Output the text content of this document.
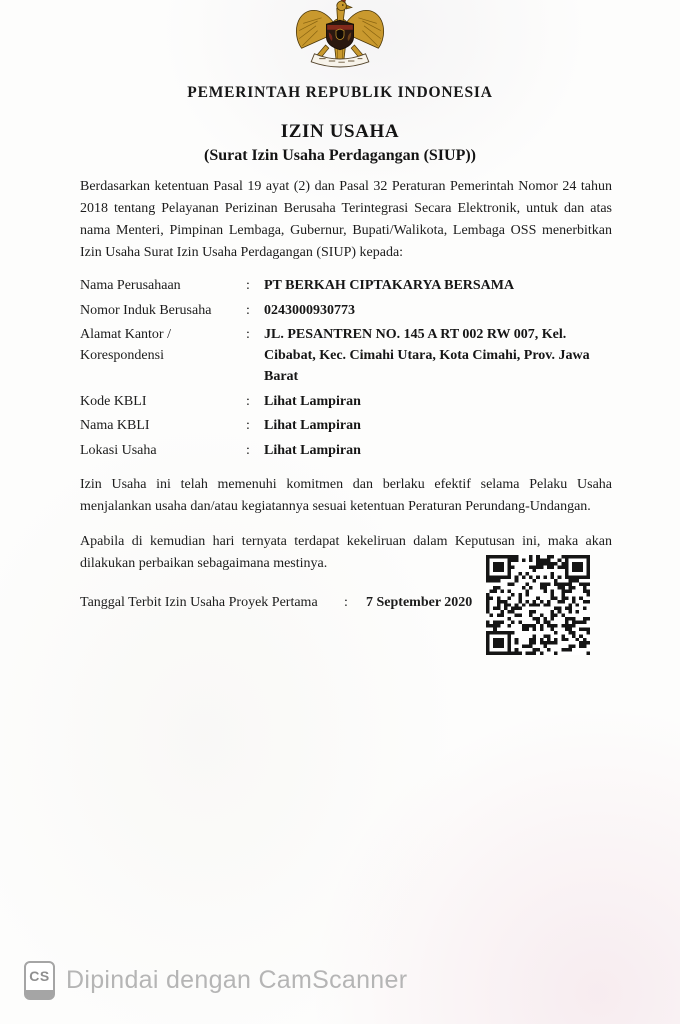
PEMERINTAH REPUBLIK INDONESIA
IZIN USAHA
(Surat Izin Usaha Perdagangan (SIUP))

Berdasarkan ketentuan Pasal 19 ayat (2) dan Pasal 32 Peraturan Pemerintah Nomor 24 tahun 2018 tentang Pelayanan Perizinan Berusaha Terintegrasi Secara Elektronik, untuk dan atas nama Menteri, Pimpinan Lembaga, Gubernur, Bupati/Walikota, Lembaga OSS menerbitkan Izin Usaha Surat Izin Usaha Perdagangan (SIUP) kepada:

Nama Perusahaan	:	PT BERKAH CIPTAKARYA BERSAMA
Nomor Induk Berusaha	:	0243000930773
Alamat Kantor / Korespondensi
:	JL. PESANTREN NO. 145 A RT 002 RW 007, Kel. Cibabat, Kec. Cimahi Utara, Kota Cimahi, Prov. Jawa Barat
Kode KBLI	:	Lihat Lampiran
Nama KBLI	:	Lihat Lampiran
Lokasi Usaha	:	Lihat Lampiran

Izin Usaha ini telah memenuhi komitmen dan berlaku efektif selama Pelaku Usaha menjalankan usaha dan/atau kegiatannya sesuai ketentuan Peraturan Perundang-Undangan.

Apabila di kemudian hari ternyata terdapat kekeliruan dalam Keputusan ini, maka akan dilakukan perbaikan sebagaimana mestinya.

Tanggal Terbit Izin Usaha Proyek Pertama	:	7 September 2020
CS Dipindai dengan CamScanner
